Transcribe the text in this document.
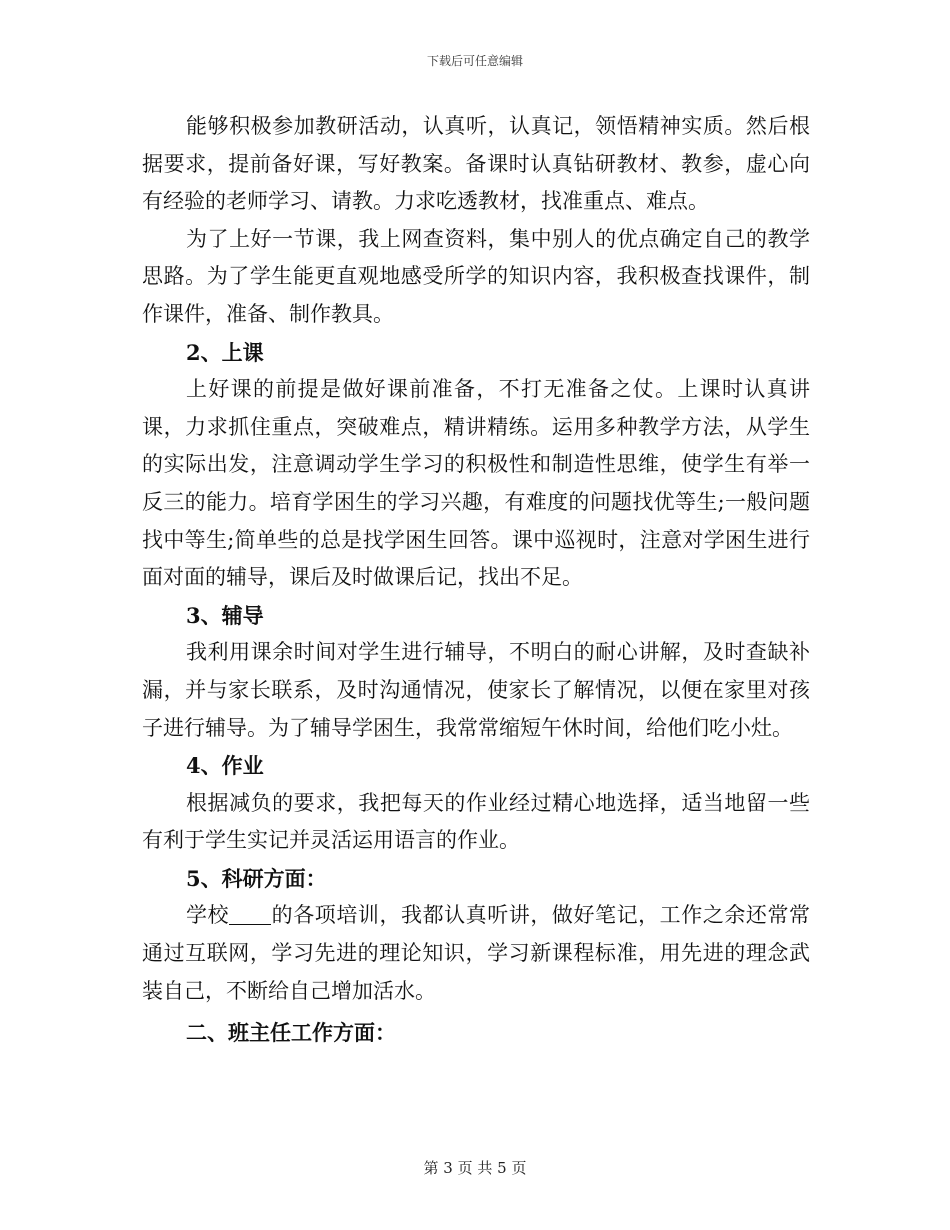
下载后可任意编辑

能够积极参加教研活动，认真听，认真记，领悟精神实质。然后根据要求，提前备好课，写好教案。备课时认真钻研教材、教参，虚心向有经验的老师学习、请教。力求吃透教材，找准重点、难点。

为了上好一节课，我上网查资料，集中别人的优点确定自己的教学思路。为了学生能更直观地感受所学的知识内容，我积极查找课件，制作课件，准备、制作教具。

2、上课

上好课的前提是做好课前准备，不打无准备之仗。上课时认真讲课，力求抓住重点，突破难点，精讲精练。运用多种教学方法，从学生的实际出发，注意调动学生学习的积极性和制造性思维，使学生有举一反三的能力。培育学困生的学习兴趣，有难度的问题找优等生;一般问题找中等生;简单些的总是找学困生回答。课中巡视时，注意对学困生进行面对面的辅导，课后及时做课后记，找出不足。

3、辅导

我利用课余时间对学生进行辅导，不明白的耐心讲解，及时查缺补漏，并与家长联系，及时沟通情况，使家长了解情况，以便在家里对孩子进行辅导。为了辅导学困生，我常常缩短午休时间，给他们吃小灶。

4、作业

根据减负的要求，我把每天的作业经过精心地选择，适当地留一些有利于学生实记并灵活运用语言的作业。

5、科研方面：

学校 的各项培训，我都认真听讲，做好笔记，工作之余还常常通过互联网，学习先进的理论知识，学习新课程标准，用先进的理念武装自己，不断给自己增加活水。

二、班主任工作方面：

第 3 页 共 5 页
